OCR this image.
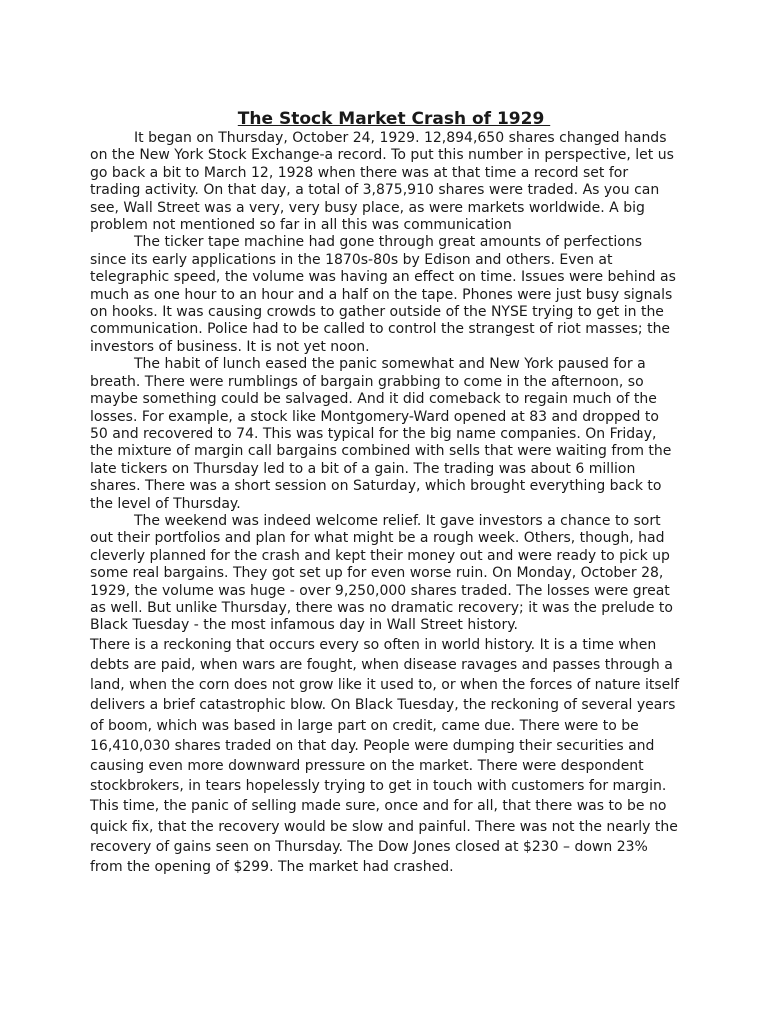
The Stock Market Crash of 1929

It began on Thursday, October 24, 1929. 12,894,650 shares changed hands on the New York Stock Exchange-a record. To put this number in perspective, let us go back a bit to March 12, 1928 when there was at that time a record set for trading activity. On that day, a total of 3,875,910 shares were traded. As you can see, Wall Street was a very, very busy place, as were markets worldwide. A big problem not mentioned so far in all this was communication

The ticker tape machine had gone through great amounts of perfections since its early applications in the 1870s-80s by Edison and others. Even at telegraphic speed, the volume was having an effect on time. Issues were behind as much as one hour to an hour and a half on the tape. Phones were just busy signals on hooks. It was causing crowds to gather outside of the NYSE trying to get in the communication. Police had to be called to control the strangest of riot masses; the investors of business. It is not yet noon.

The habit of lunch eased the panic somewhat and New York paused for a breath. There were rumblings of bargain grabbing to come in the afternoon, so maybe something could be salvaged. And it did comeback to regain much of the losses. For example, a stock like Montgomery-Ward opened at 83 and dropped to 50 and recovered to 74. This was typical for the big name companies. On Friday, the mixture of margin call bargains combined with sells that were waiting from the late tickers on Thursday led to a bit of a gain. The trading was about 6 million shares. There was a short session on Saturday, which brought everything back to the level of Thursday.

The weekend was indeed welcome relief. It gave investors a chance to sort out their portfolios and plan for what might be a rough week. Others, though, had cleverly planned for the crash and kept their money out and were ready to pick up some real bargains. They got set up for even worse ruin. On Monday, October 28, 1929, the volume was huge - over 9,250,000 shares traded. The losses were great as well. But unlike Thursday, there was no dramatic recovery; it was the prelude to Black Tuesday - the most infamous day in Wall Street history.

There is a reckoning that occurs every so often in world history. It is a time when debts are paid, when wars are fought, when disease ravages and passes through a land, when the corn does not grow like it used to, or when the forces of nature itself delivers a brief catastrophic blow. On Black Tuesday, the reckoning of several years of boom, which was based in large part on credit, came due. There were to be 16,410,030 shares traded on that day. People were dumping their securities and causing even more downward pressure on the market. There were despondent stockbrokers, in tears hopelessly trying to get in touch with customers for margin. This time, the panic of selling made sure, once and for all, that there was to be no quick fix, that the recovery would be slow and painful. There was not the nearly the recovery of gains seen on Thursday. The Dow Jones closed at $230 – down 23% from the opening of $299. The market had crashed.
